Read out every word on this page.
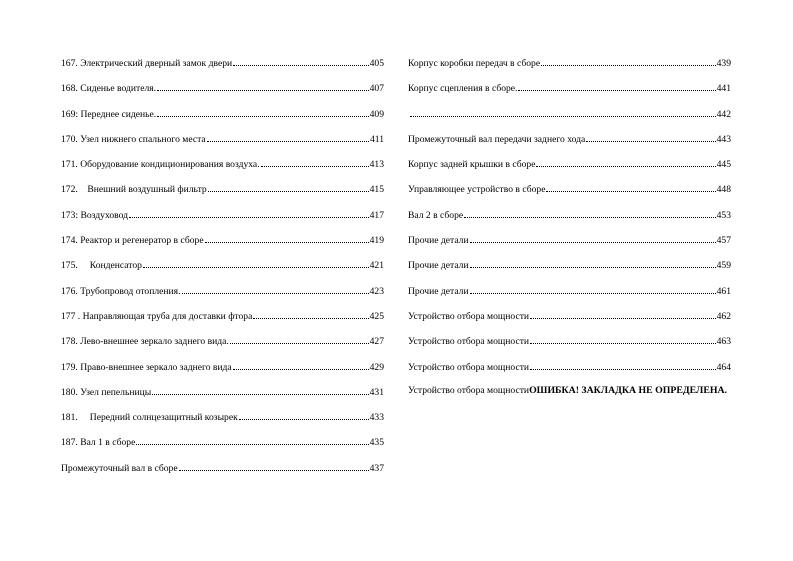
167. Электрический дверный замок двери	405
168. Сиденье водителя.	407
169: Переднее сиденье.	409
170. Узел нижнего спального места	411
171. Оборудование кондиционирования воздуха.	413
172.    Внешний воздушный фильтр	415
173: Воздуховод	417
174. Реактор и регенератор в сборе	419
175.     Конденсатор	421
176. Трубопровод отопления.	423
177 . Направляющая труба для доставки фтора	425
178. Лево-внешнее зеркало заднего вида.	427
179. Право-внешнее зеркало заднего вида	429
180. Узел пепельницы	431
181.     Передний солнцезащитный козырек	433
187. Вал 1 в сборе	435
Промежуточный вал в сборе	437
Корпус коробки передач в сборе	439
Корпус сцепления в сборе.	441
442
Промежуточный вал передачи заднего хода	443
Корпус задней крышки в сборе	445
Управляющее устройство в сборе	448
Вал 2 в сборе	453
Прочие детали	457
Прочие детали	459
Прочие детали	461
Устройство отбора мощности	462
Устройство отбора мощности	463
Устройство отбора мощности	464
Устройство отбора мощности ОШИБКА! ЗАКЛАДКА НЕ ОПРЕДЕЛЕНА.
